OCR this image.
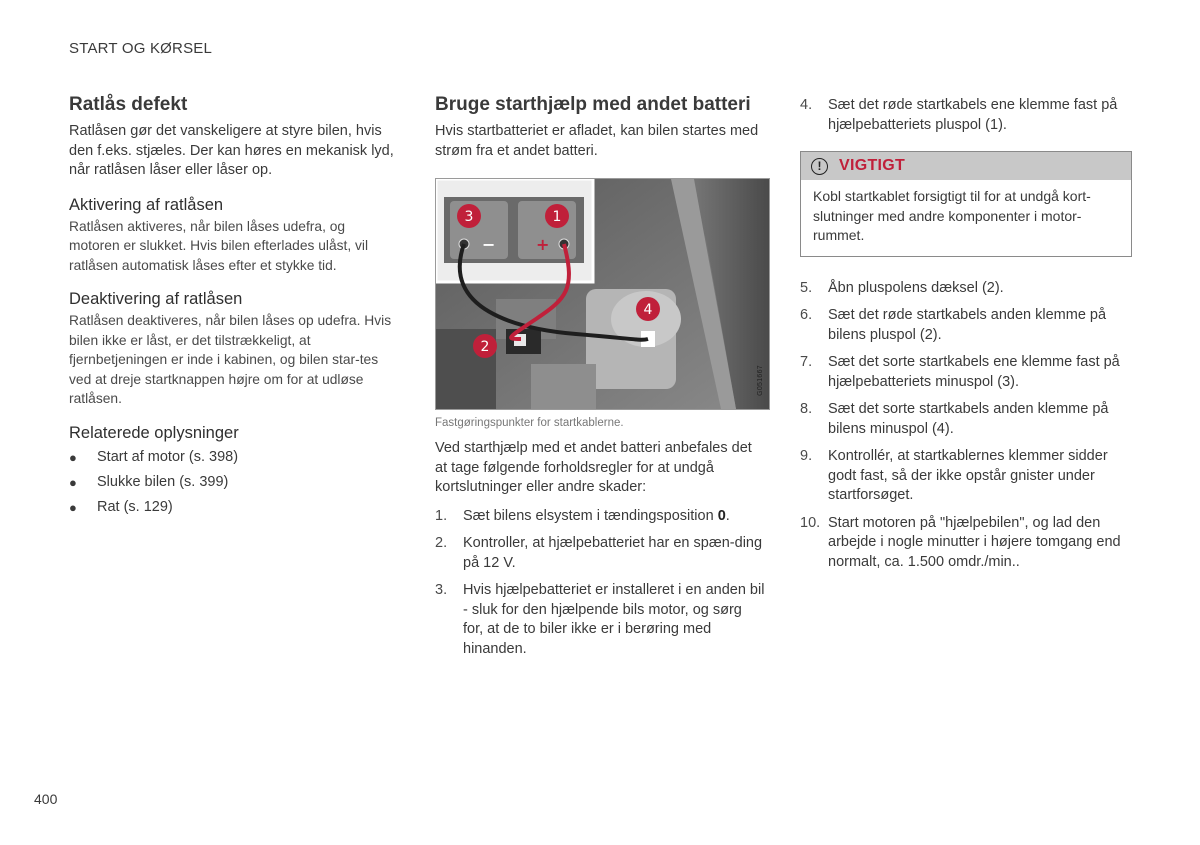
START OG KØRSEL
Ratlås defekt

Ratlåsen gør det vanskeligere at styre bilen, hvis den f.eks. stjæles. Der kan høres en mekanisk lyd, når ratlåsen låser eller låser op.

Aktivering af ratlåsen

Ratlåsen aktiveres, når bilen låses udefra, og motoren er slukket. Hvis bilen efterlades ulåst, vil ratlåsen automatisk låses efter et stykke tid.

Deaktivering af ratlåsen

Ratlåsen deaktiveres, når bilen låses op udefra. Hvis bilen ikke er låst, er det tilstrækkeligt, at fjernbetjeningen er inde i kabinen, og bilen star-tes ved at dreje startknappen højre om for at udløse ratlåsen.

Relaterede oplysninger
● Start af motor (s. 398)
● Slukke bilen (s. 399)
● Rat (s. 129)
Bruge starthjælp med andet batteri

Hvis startbatteriet er afladet, kan bilen startes med strøm fra et andet batteri.

−	+
1
2
3
4
G051667
Fastgøringspunkter for startkablerne.

Ved starthjælp med et andet batteri anbefales det at tage følgende forholdsregler for at undgå kortslutninger eller andre skader:

1. Sæt bilens elsystem i tændingsposition 0.
2. Kontroller, at hjælpebatteriet har en spæn-ding på 12 V.
3. Hvis hjælpebatteriet er installeret i en anden bil - sluk for den hjælpende bils motor, og sørg for, at de to biler ikke er i berøring med hinanden.
4. Sæt det røde startkabels ene klemme fast på hjælpebatteriets pluspol (1).
!	VIGTIGT
Kobl startkablet forsigtigt til for at undgå kort-slutninger med andre komponenter i motor-rummet.
5. Åbn pluspolens dæksel (2).
6. Sæt det røde startkabels anden klemme på bilens pluspol (2).
7. Sæt det sorte startkabels ene klemme fast på hjælpebatteriets minuspol (3).
8. Sæt det sorte startkabels anden klemme på bilens minuspol (4).
9. Kontrollér, at startkablernes klemmer sidder godt fast, så der ikke opstår gnister under startforsøget.
10. Start motoren på "hjælpebilen", og lad den arbejde i nogle minutter i højere tomgang end normalt, ca. 1.500 omdr./min..
400
